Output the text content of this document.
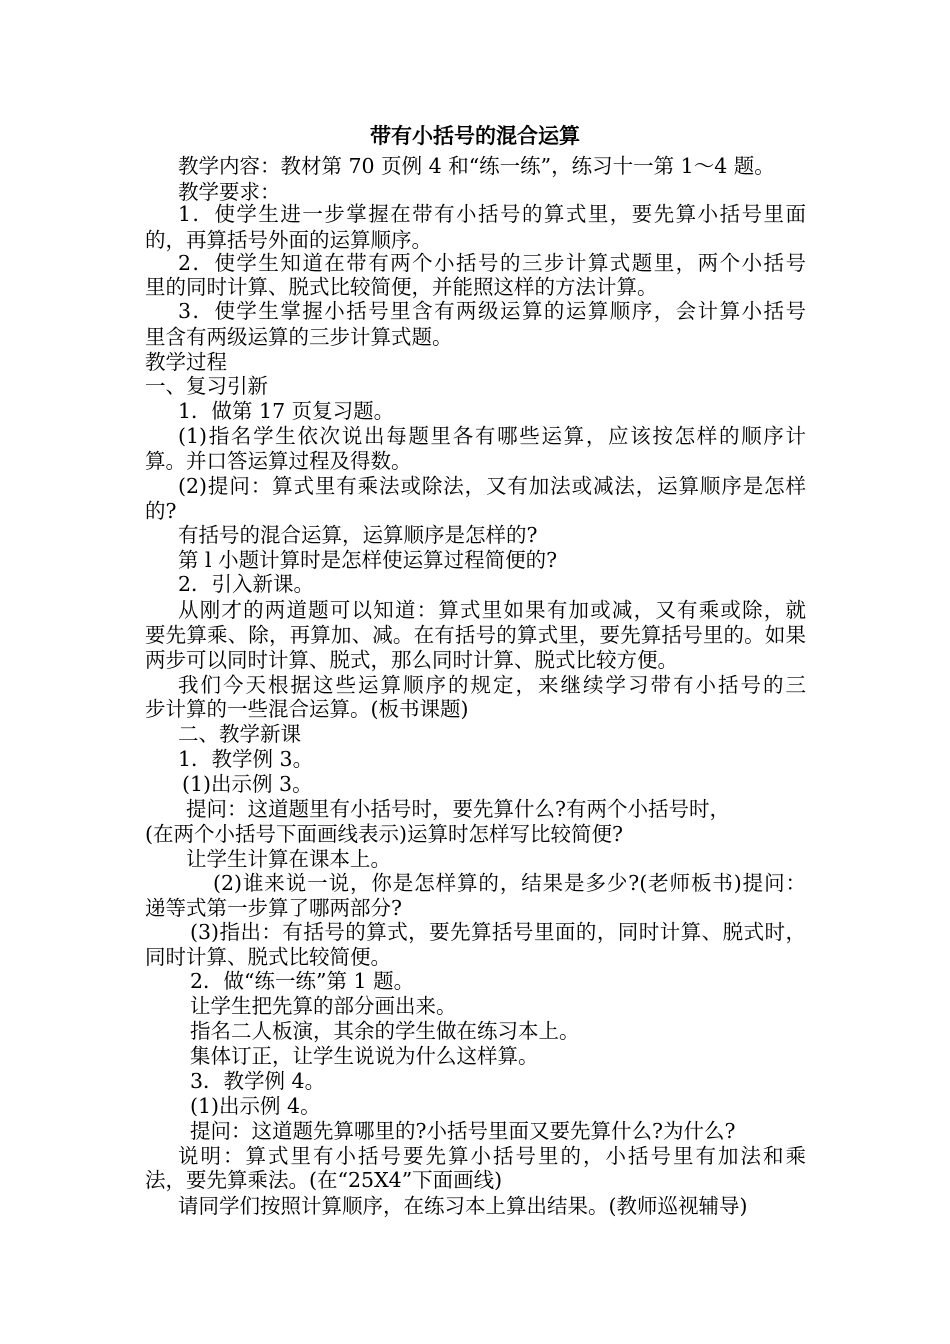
带有小括号的混合运算
教学内容：教材第 70 页例 4 和“练一练”，练习十一第 1～4 题。
教学要求：
1．使学生进一步掌握在带有小括号的算式里，要先算小括号里面
的，再算括号外面的运算顺序。
2．使学生知道在带有两个小括号的三步计算式题里，两个小括号
里的同时计算、脱式比较简便，并能照这样的方法计算。
3．使学生掌握小括号里含有两级运算的运算顺序，会计算小括号
里含有两级运算的三步计算式题。
教学过程
一、复习引新
1．做第 17 页复习题。
(1)指名学生依次说出每题里各有哪些运算，应该按怎样的顺序计
算。并口答运算过程及得数。
(2)提问：算式里有乘法或除法，又有加法或减法，运算顺序是怎样
的?
有括号的混合运算，运算顺序是怎样的?
第 l 小题计算时是怎样使运算过程简便的?
2．引入新课。
从刚才的两道题可以知道：算式里如果有加或减，又有乘或除，就
要先算乘、除，再算加、减。在有括号的算式里，要先算括号里的。如果
两步可以同时计算、脱式，那么同时计算、脱式比较方便。
我们今天根据这些运算顺序的规定，来继续学习带有小括号的三
步计算的一些混合运算。(板书课题)
二、教学新课
1．教学例 3。
(1)出示例 3。
提问：这道题里有小括号时，要先算什么?有两个小括号时，
(在两个小括号下面画线表示)运算时怎样写比较简便?
让学生计算在课本上。
(2)谁来说一说，你是怎样算的，结果是多少?(老师板书)提问：
递等式第一步算了哪两部分?
(3)指出：有括号的算式，要先算括号里面的，同时计算、脱式时，
同时计算、脱式比较简便。
2．做“练一练”第 1 题。
让学生把先算的部分画出来。
指名二人板演，其余的学生做在练习本上。
集体订正，让学生说说为什么这样算。
3．教学例 4。
(1)出示例 4。
提问：这道题先算哪里的?小括号里面又要先算什么?为什么?
说明：算式里有小括号要先算小括号里的，小括号里有加法和乘
法，要先算乘法。(在“25X4”下面画线)
请同学们按照计算顺序，在练习本上算出结果。(教师巡视辅导)
